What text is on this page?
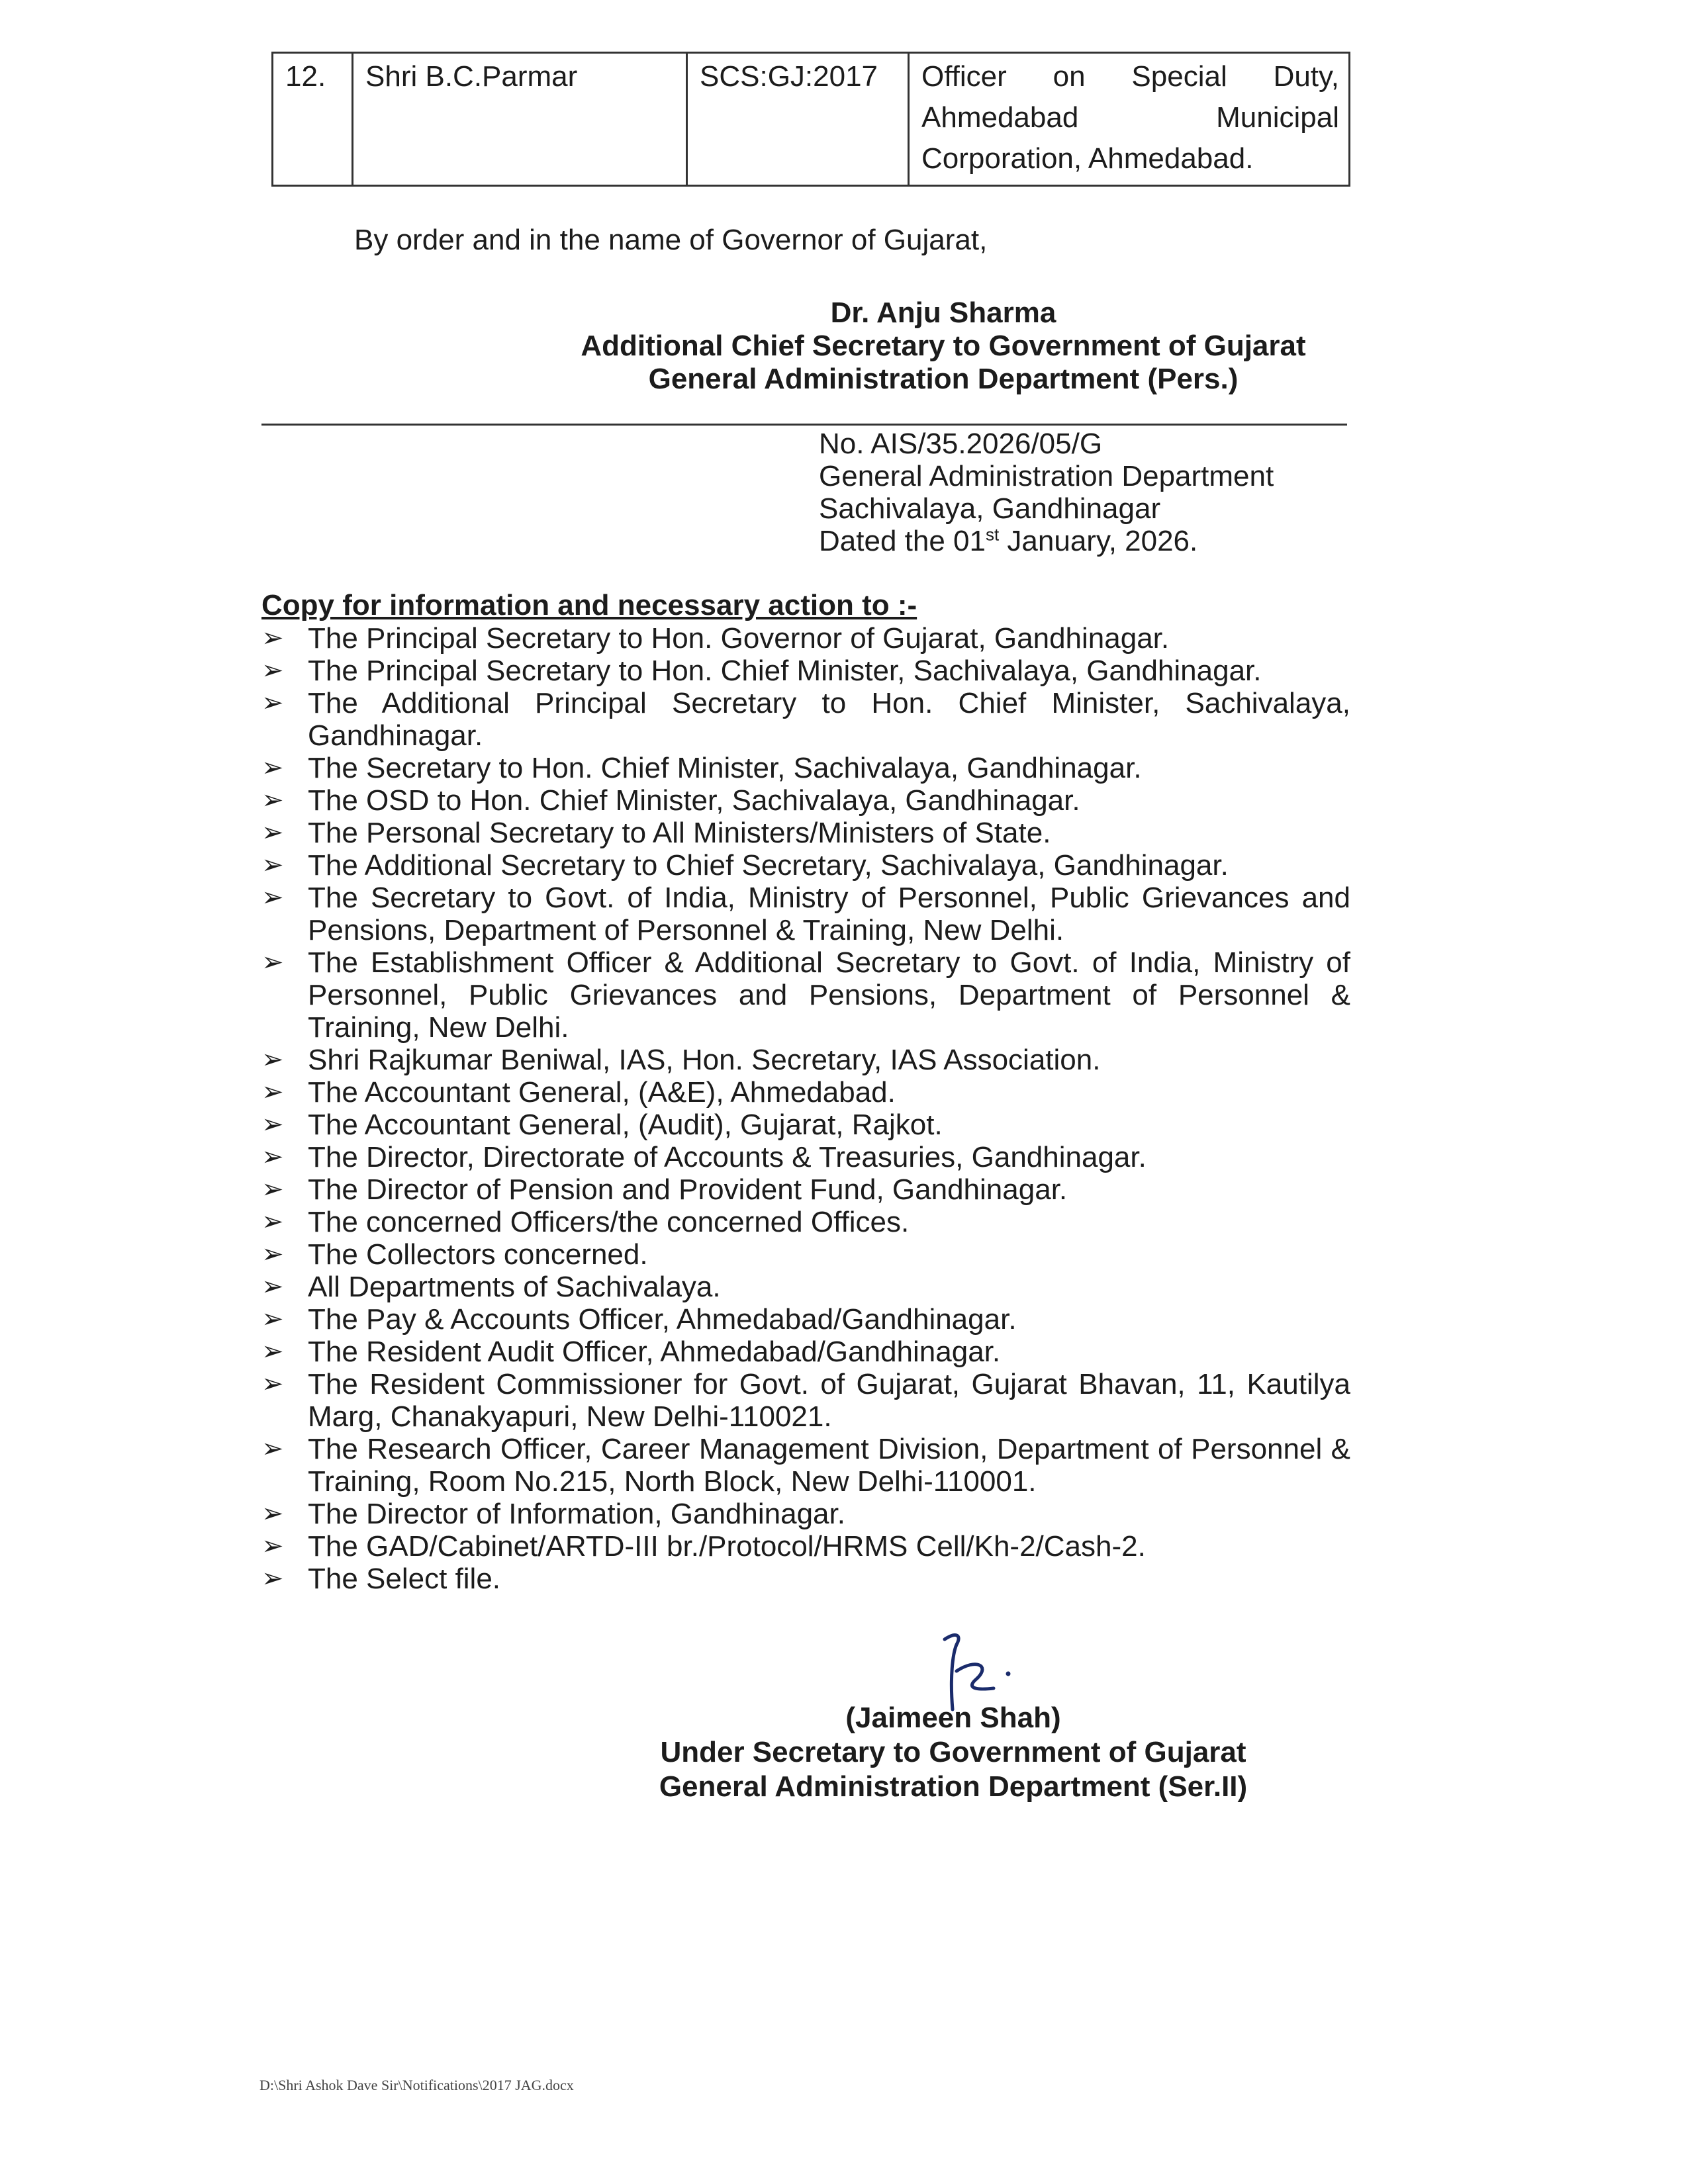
12.	Shri B.C.Parmar	SCS:GJ:2017	Officer on Special Duty, Ahmedabad Municipal Corporation, Ahmedabad.
By order and in the name of Governor of Gujarat,
Dr. Anju Sharma
Additional Chief Secretary to Government of Gujarat
General Administration Department (Pers.)
No. AIS/35.2026/05/G
General Administration Department
Sachivalaya, Gandhinagar
Dated the 01st January, 2026.
Copy for information and necessary action to :-
➢ The Principal Secretary to Hon. Governor of Gujarat, Gandhinagar.
➢ The Principal Secretary to Hon. Chief Minister, Sachivalaya, Gandhinagar.
➢ The Additional Principal Secretary to Hon. Chief Minister, Sachivalaya, Gandhinagar.
➢ The Secretary to Hon. Chief Minister, Sachivalaya, Gandhinagar.
➢ The OSD to Hon. Chief Minister, Sachivalaya, Gandhinagar.
➢ The Personal Secretary to All Ministers/Ministers of State.
➢ The Additional Secretary to Chief Secretary, Sachivalaya, Gandhinagar.
➢ The Secretary to Govt. of India, Ministry of Personnel, Public Grievances and Pensions, Department of Personnel & Training, New Delhi.
➢ The Establishment Officer & Additional Secretary to Govt. of India, Ministry of Personnel, Public Grievances and Pensions, Department of Personnel & Training, New Delhi.
➢ Shri Rajkumar Beniwal, IAS, Hon. Secretary, IAS Association.
➢ The Accountant General, (A&E), Ahmedabad.
➢ The Accountant General, (Audit), Gujarat, Rajkot.
➢ The Director, Directorate of Accounts & Treasuries, Gandhinagar.
➢ The Director of Pension and Provident Fund, Gandhinagar.
➢ The concerned Officers/the concerned Offices.
➢ The Collectors concerned.
➢ All Departments of Sachivalaya.
➢ The Pay & Accounts Officer, Ahmedabad/Gandhinagar.
➢ The Resident Audit Officer, Ahmedabad/Gandhinagar.
➢ The Resident Commissioner for Govt. of Gujarat, Gujarat Bhavan, 11, Kautilya Marg, Chanakyapuri, New Delhi-110021.
➢ The Research Officer, Career Management Division, Department of Personnel & Training, Room No.215, North Block, New Delhi-110001.
➢ The Director of Information, Gandhinagar.
➢ The GAD/Cabinet/ARTD-III br./Protocol/HRMS Cell/Kh-2/Cash-2.
➢ The Select file.
(Jaimeen Shah)
Under Secretary to Government of Gujarat
General Administration Department (Ser.II)
D:\Shri Ashok Dave Sir\Notifications\2017 JAG.docx
